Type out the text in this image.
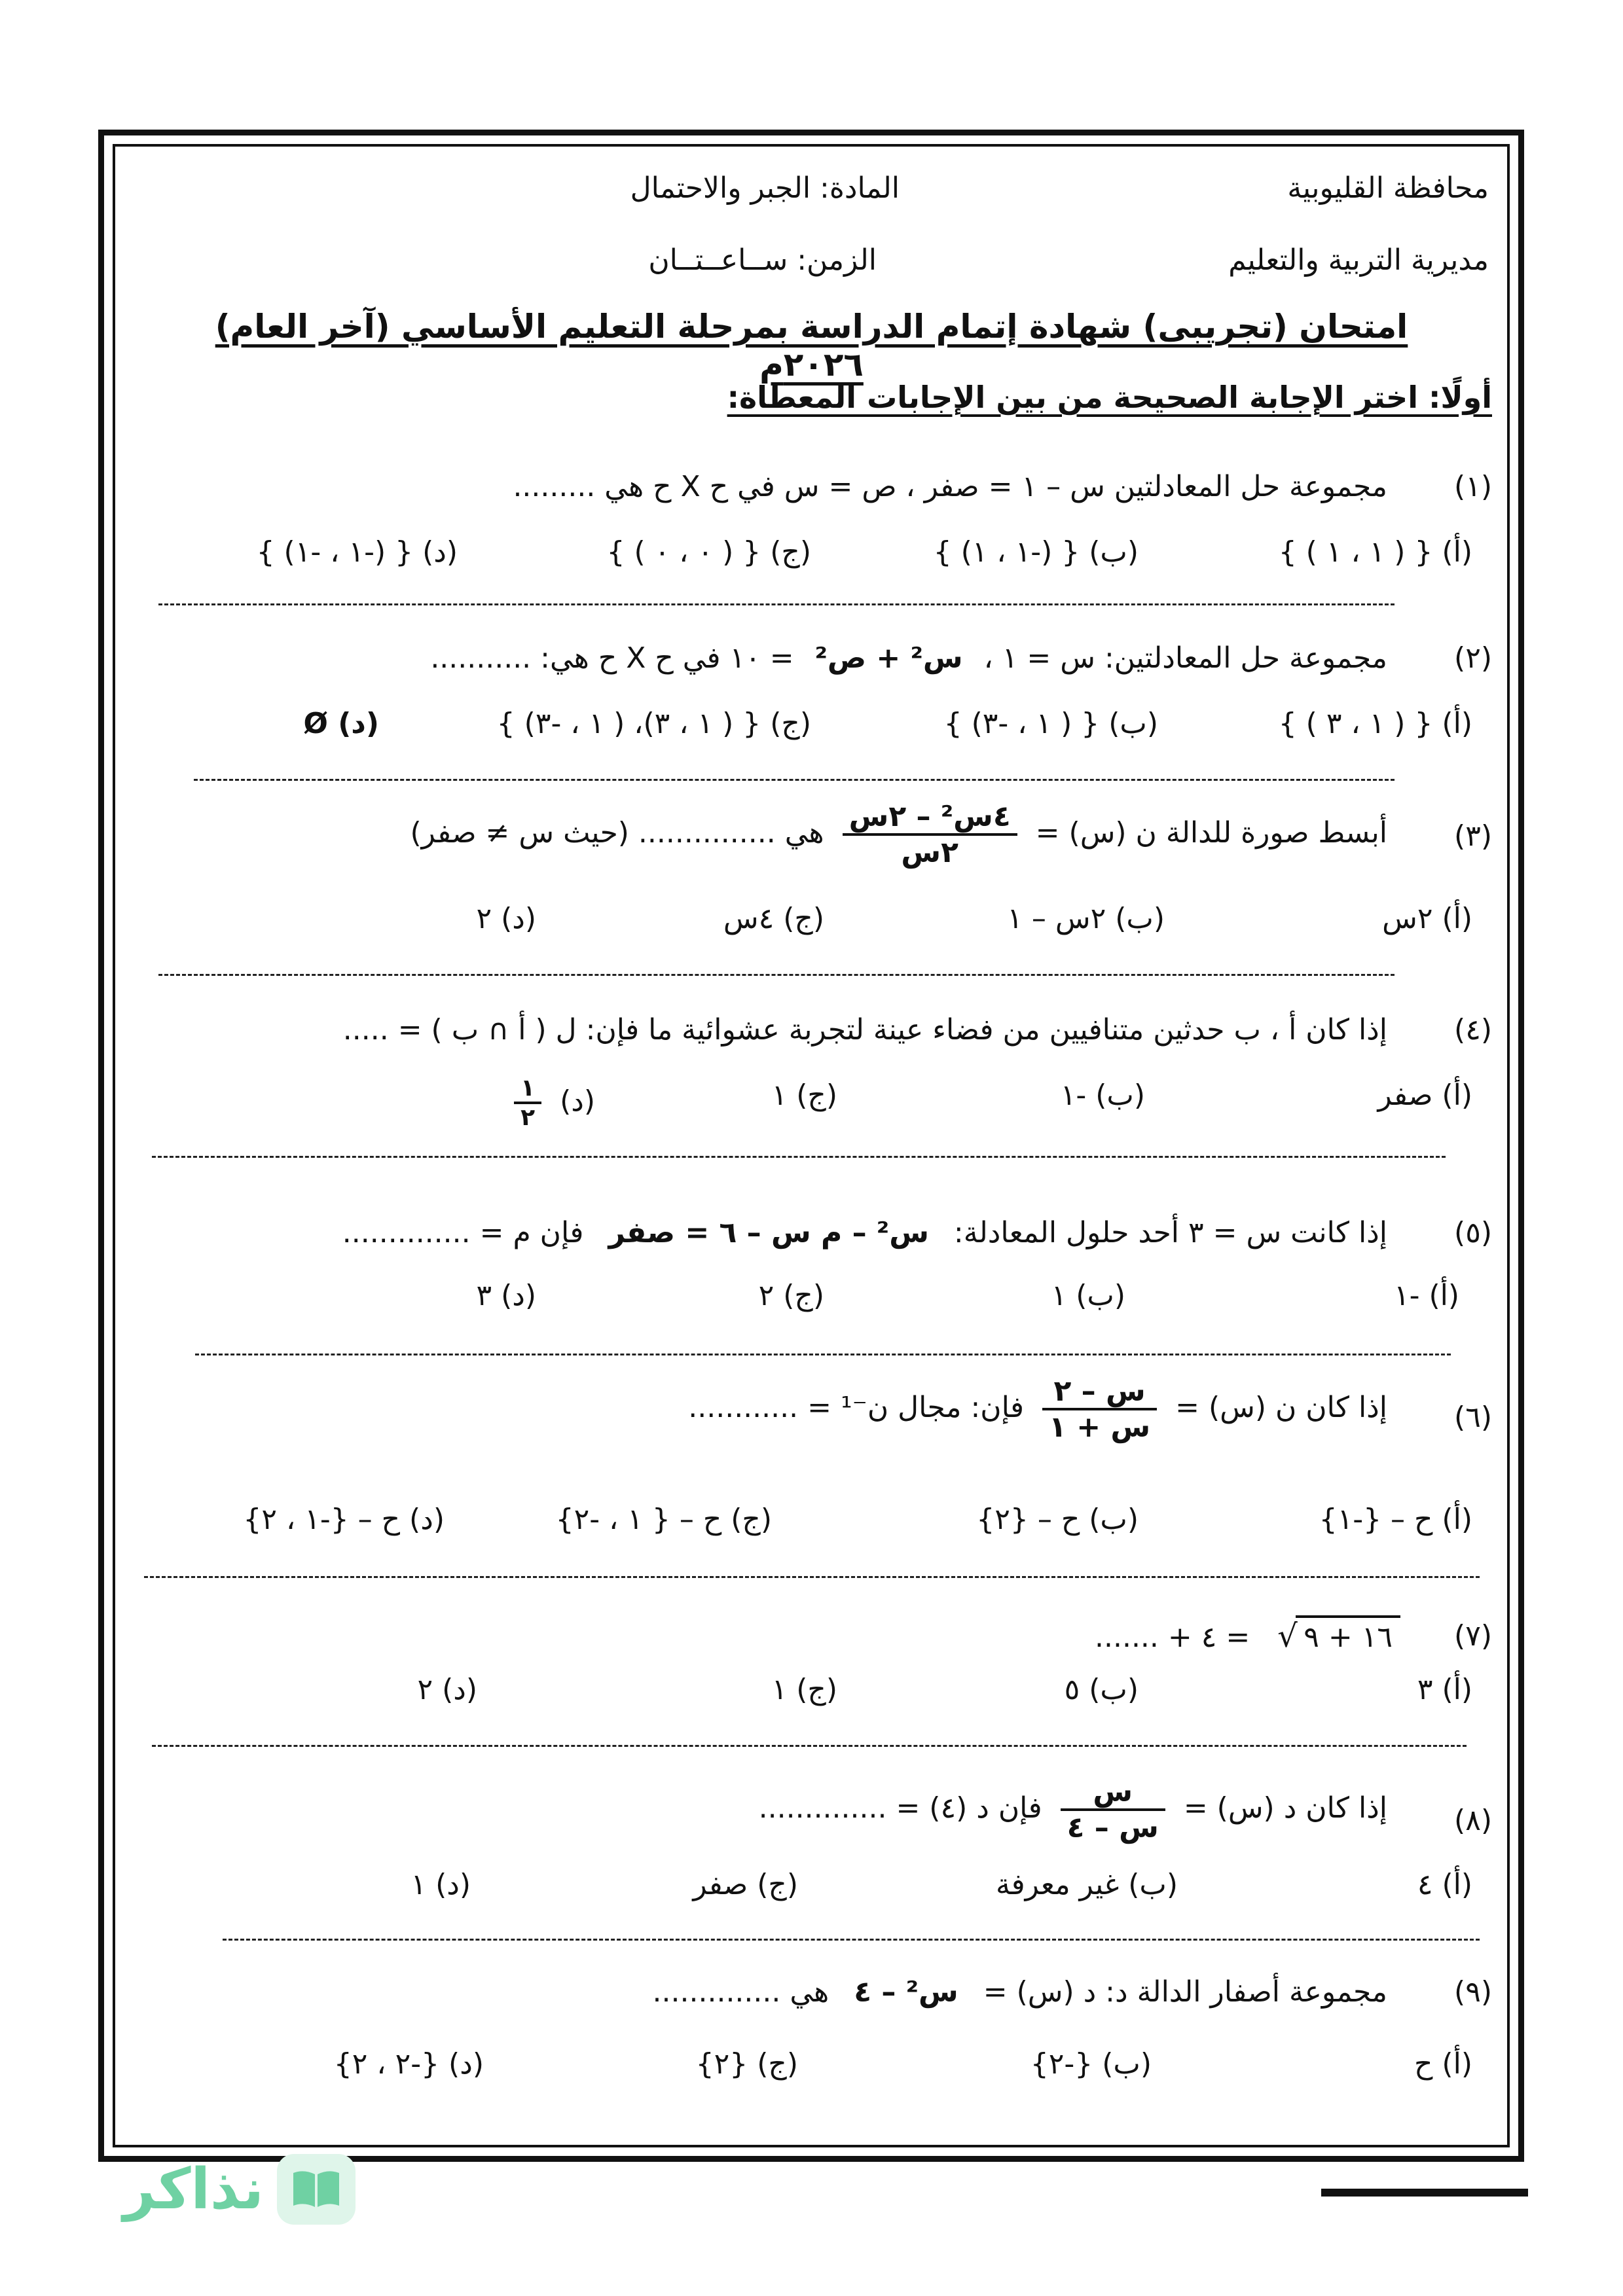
محافظة القليوبية
مديرية التربية والتعليم
المادة: الجبر والاحتمال
الزمن: ســاعــتــان
امتحان (تجريبى) شهادة إتمام الدراسة بمرحلة التعليم الأساسي (آخر العام) ٢٠٢٦م
أولًا: اختر الإجابة الصحيحة من بين الإجابات المعطاة:
(١)
مجموعة حل المعادلتين س – ١ = صفر ، ص = س في ح X ح هي .........
(أ) { ( ١ ، ١ ) }
(ب) { (-١ ، ١) }
(ج) { ( ٠ ، ٠ ) }
(د) { (-١ ، -١) }
(٢)
مجموعة حل المعادلتين: س = ١ ، س² + ص² = ١٠ في ح X ح هي: ...........
(أ) { ( ١ ، ٣ ) }
(ب) { ( ١ ، -٣) }
(ج) { ( ١ ، ٣)، ( ١ ، -٣) }
(د) Ø
(٣)
أبسط صورة للدالة ن (س) =
$\frac{\text{٤س² – ٢س}}{\text{٢س}}$
هي ............... (حيث س ≠ صفر)
(أ) ٢س
(ب) ٢س – ١
(ج) ٤س
(د) ٢
(٤)
إذا كان أ ، ب حدثين متنافيين من فضاء عينة لتجربة عشوائية ما فإن: ل ( أ ∩ ب ) = .....
(أ) صفر
(ب) -١
(ج) ١
(د)
$\frac{١}{٢}$
(٥)
إذا كانت س = ٣ أحد حلول المعادلة: س² – م س – ٦ = صفر فإن م = ..............
(أ) -١
(ب) ١
(ج) ٢
(د) ٣
(٦)
إذا كان ن (س) =
$\frac{\text{س – ٢}}{\text{س + ١}}$
فإن: مجال ن⁻¹ = ............
(أ) ح – {-١}
(ب) ح – {٢}
(ج) ح – { ١ ، -٢}
(د) ح – {-١ ، ٢}
(٧)
√ ١٦ + ٩ = ٤ + .......
(أ) ٣
(ب) ٥
(ج) ١
(د) ٢
(٨)
إذا كان د (س) =
$\frac{\text{س}}{\text{س – ٤}}$
فإن د (٤) = ..............
(أ) ٤
(ب) غير معرفة
(ج) صفر
(د) ١
(٩)
مجموعة أصفار الدالة د: د (س) = س² – ٤ هي ..............
(أ) ح
(ب) {-٢}
(ج) {٢}
(د) {-٢ ، ٢}
نذاكر
